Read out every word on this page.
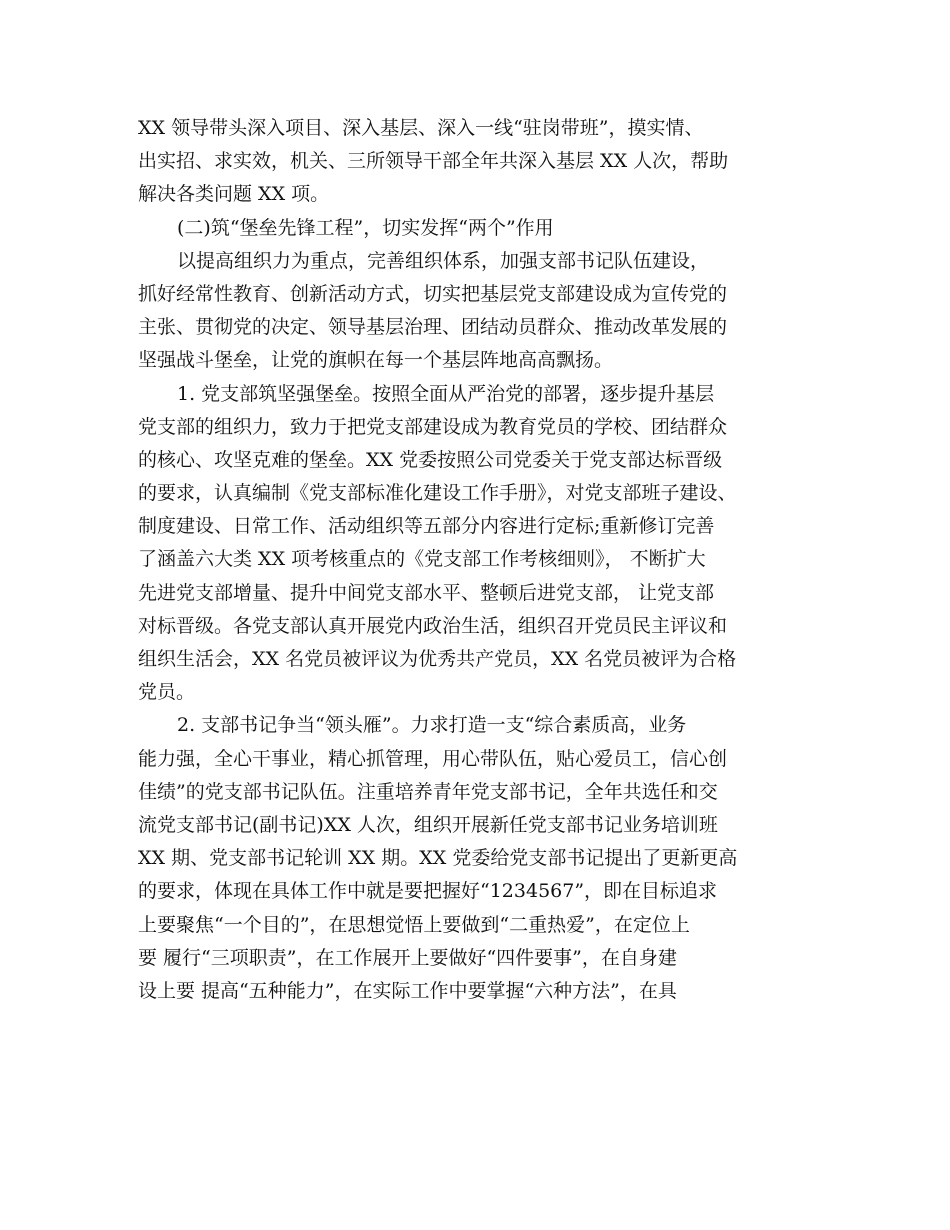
XX 领导带头深入项目、深入基层、深入一线“驻岗带班”，摸实情、
出实招、求实效，机关、三所领导干部全年共深入基层 XX 人次，帮助
解决各类问题 XX 项。
(二)筑“堡垒先锋工程”，切实发挥“两个”作用
以提高组织力为重点，完善组织体系，加强支部书记队伍建设，
抓好经常性教育、创新活动方式，切实把基层党支部建设成为宣传党的
主张、贯彻党的决定、领导基层治理、团结动员群众、推动改革发展的
坚强战斗堡垒，让党的旗帜在每一个基层阵地高高飘扬。
1. 党支部筑坚强堡垒。按照全面从严治党的部署，逐步提升基层
党支部的组织力，致力于把党支部建设成为教育党员的学校、团结群众
的核心、攻坚克难的堡垒。XX 党委按照公司党委关于党支部达标晋级
的要求，认真编制《党支部标准化建设工作手册》，对党支部班子建设、
制度建设、日常工作、活动组织等五部分内容进行定标;重新修订完善
了涵盖六大类 XX 项考核重点的《党支部工作考核细则》， 不断扩大
先进党支部增量、提升中间党支部水平、整顿后进党支部， 让党支部
对标晋级。各党支部认真开展党内政治生活，组织召开党员民主评议和
组织生活会，XX 名党员被评议为优秀共产党员，XX 名党员被评为合格
党员。
2. 支部书记争当“领头雁”。力求打造一支“综合素质高，业务
能力强，全心干事业，精心抓管理，用心带队伍，贴心爱员工，信心创
佳绩”的党支部书记队伍。注重培养青年党支部书记，全年共选任和交
流党支部书记(副书记)XX 人次，组织开展新任党支部书记业务培训班
XX 期、党支部书记轮训 XX 期。XX 党委给党支部书记提出了更新更高
的要求，体现在具体工作中就是要把握好“1234567”，即在目标追求
上要聚焦“一个目的”，在思想觉悟上要做到“二重热爱”，在定位上
要 履行“三项职责”，在工作展开上要做好“四件要事”，在自身建
设上要 提高“五种能力”，在实际工作中要掌握“六种方法”，在具
